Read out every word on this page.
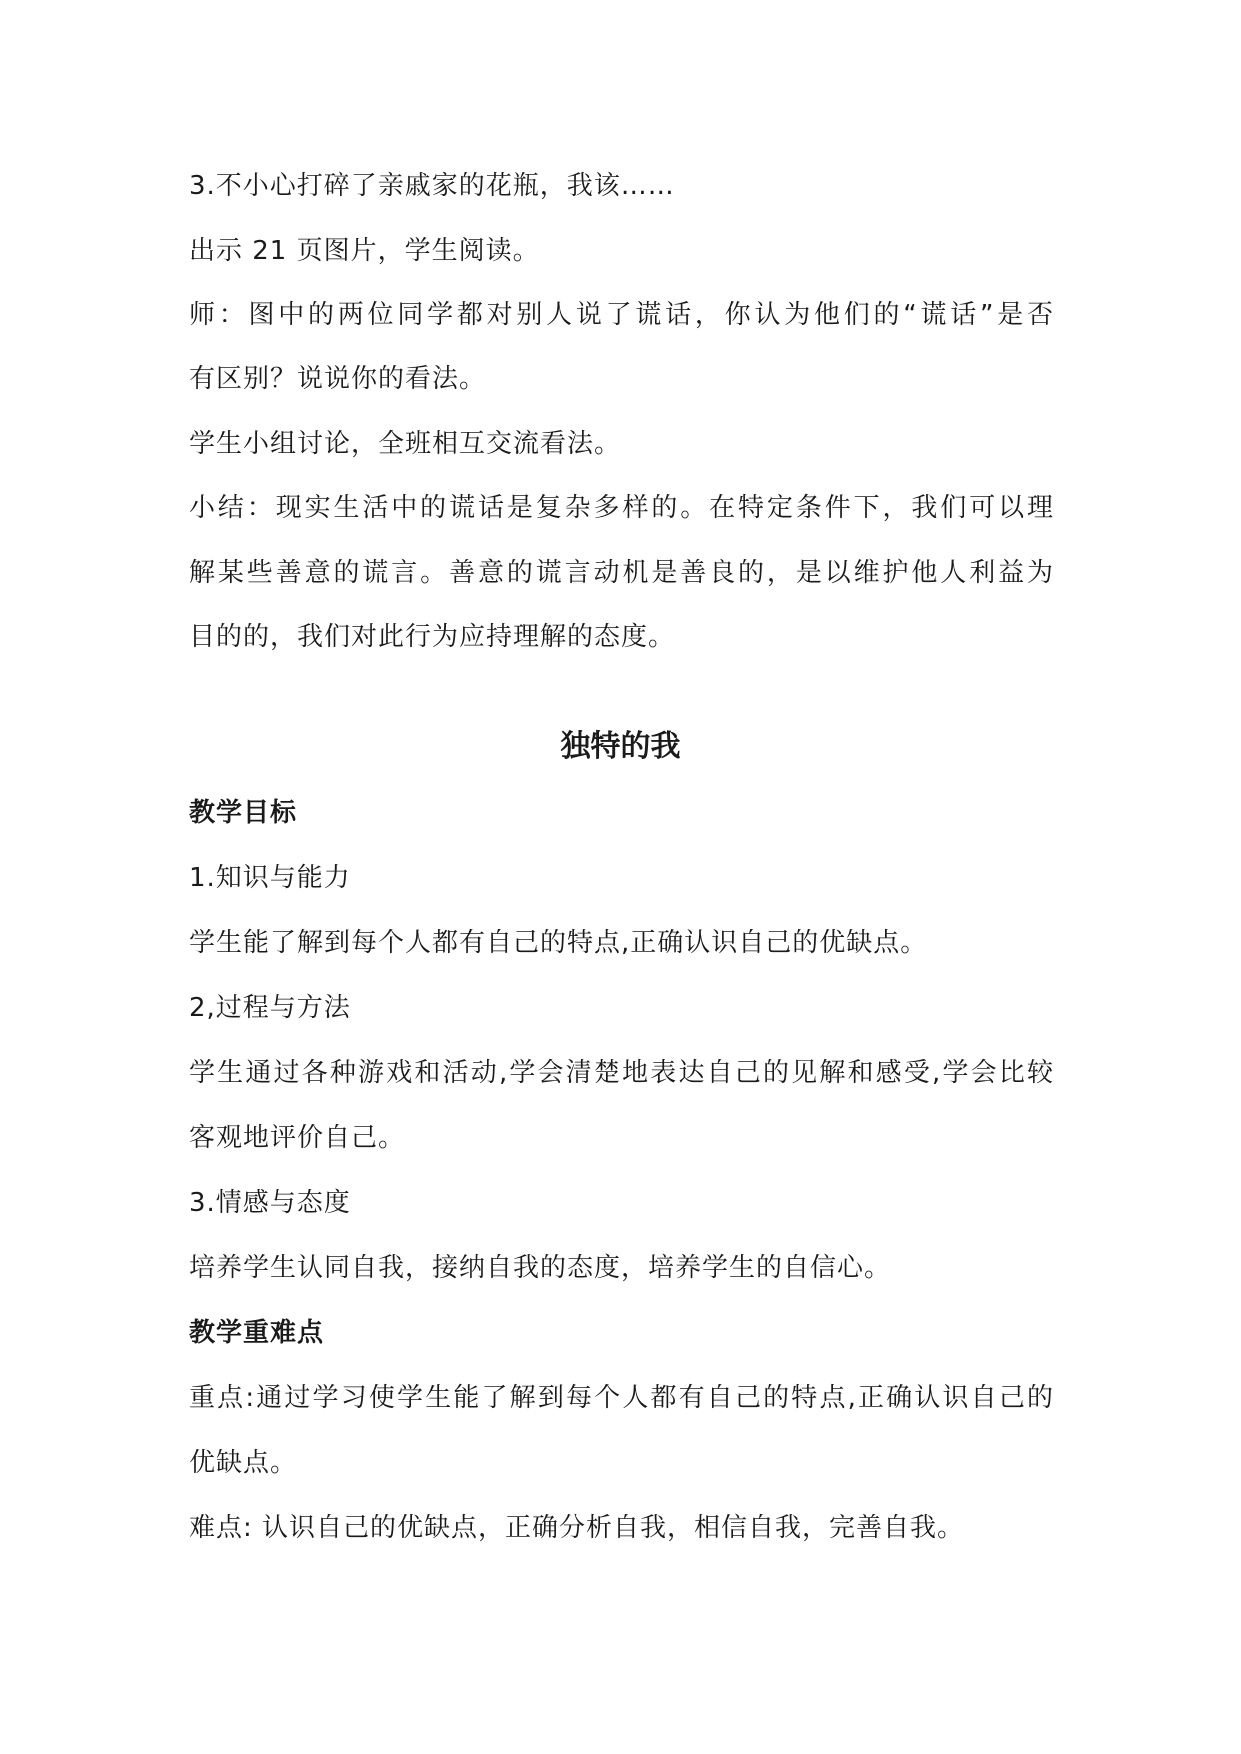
3.不小心打碎了亲戚家的花瓶，我该……
出示 21 页图片，学生阅读。
师：图中的两位同学都对别人说了谎话，你认为他们的“谎话”是否
有区别？说说你的看法。
学生小组讨论，全班相互交流看法。
小结：现实生活中的谎话是复杂多样的。在特定条件下，我们可以理
解某些善意的谎言。善意的谎言动机是善良的，是以维护他人利益为
目的的，我们对此行为应持理解的态度。
独特的我
教学目标
1.知识与能力
学生能了解到每个人都有自己的特点,正确认识自己的优缺点。
2,过程与方法
学生通过各种游戏和活动,学会清楚地表达自己的见解和感受,学会比较
客观地评价自己。
3.情感与态度
培养学生认同自我，接纳自我的态度，培养学生的自信心。
教学重难点
重点:通过学习使学生能了解到每个人都有自己的特点,正确认识自己的
优缺点。
难点: 认识自己的优缺点，正确分析自我，相信自我，完善自我。
